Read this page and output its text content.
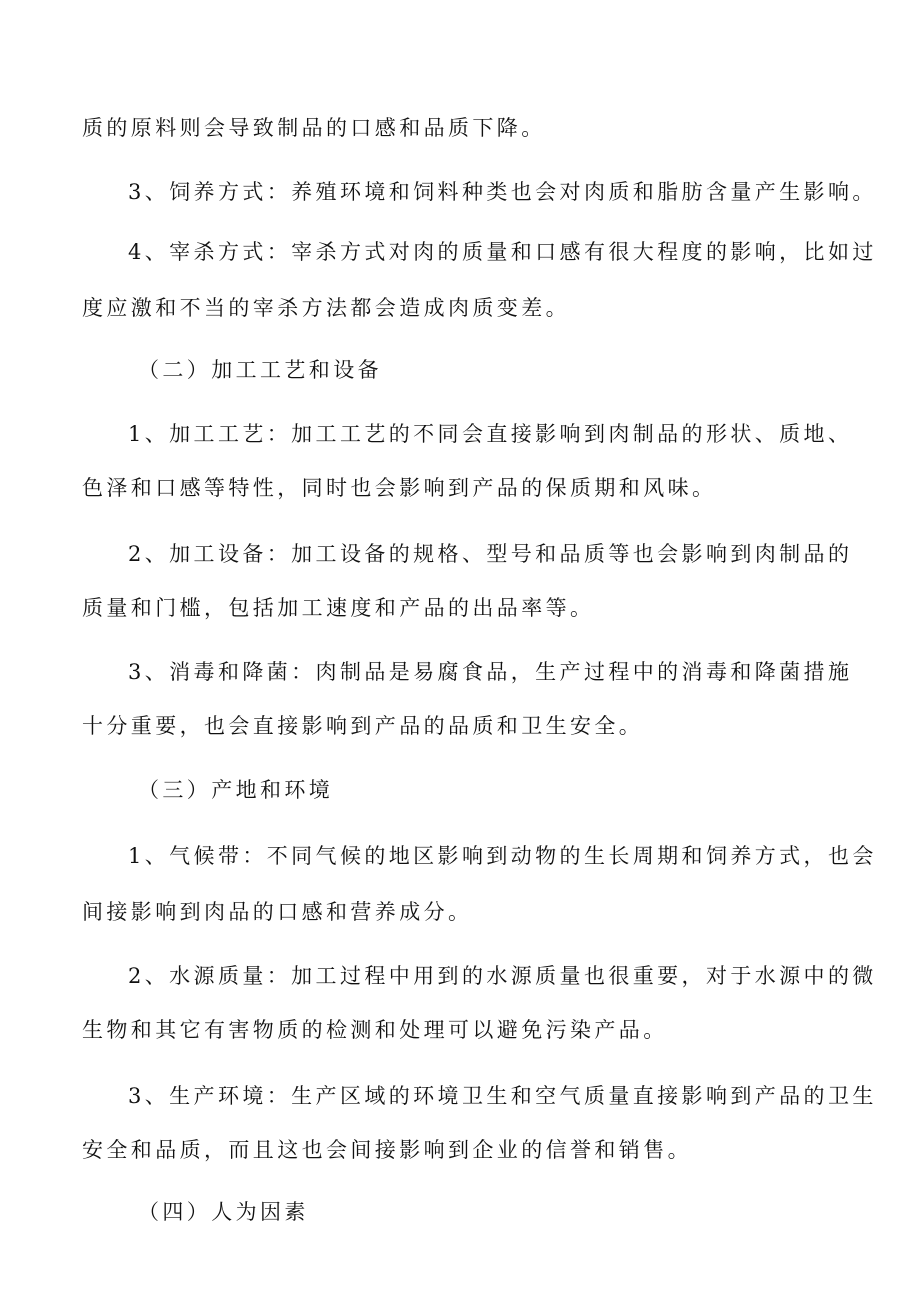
质的原料则会导致制品的口感和品质下降。
3、饲养方式：养殖环境和饲料种类也会对肉质和脂肪含量产生影响。
4、宰杀方式：宰杀方式对肉的质量和口感有很大程度的影响，比如过
度应激和不当的宰杀方法都会造成肉质变差。
（二）加工工艺和设备
1、加工工艺：加工工艺的不同会直接影响到肉制品的形状、质地、
色泽和口感等特性，同时也会影响到产品的保质期和风味。
2、加工设备：加工设备的规格、型号和品质等也会影响到肉制品的
质量和门槛，包括加工速度和产品的出品率等。
3、消毒和降菌：肉制品是易腐食品，生产过程中的消毒和降菌措施
十分重要，也会直接影响到产品的品质和卫生安全。
（三）产地和环境
1、气候带：不同气候的地区影响到动物的生长周期和饲养方式，也会
间接影响到肉品的口感和营养成分。
2、水源质量：加工过程中用到的水源质量也很重要，对于水源中的微
生物和其它有害物质的检测和处理可以避免污染产品。
3、生产环境：生产区域的环境卫生和空气质量直接影响到产品的卫生
安全和品质，而且这也会间接影响到企业的信誉和销售。
（四）人为因素
